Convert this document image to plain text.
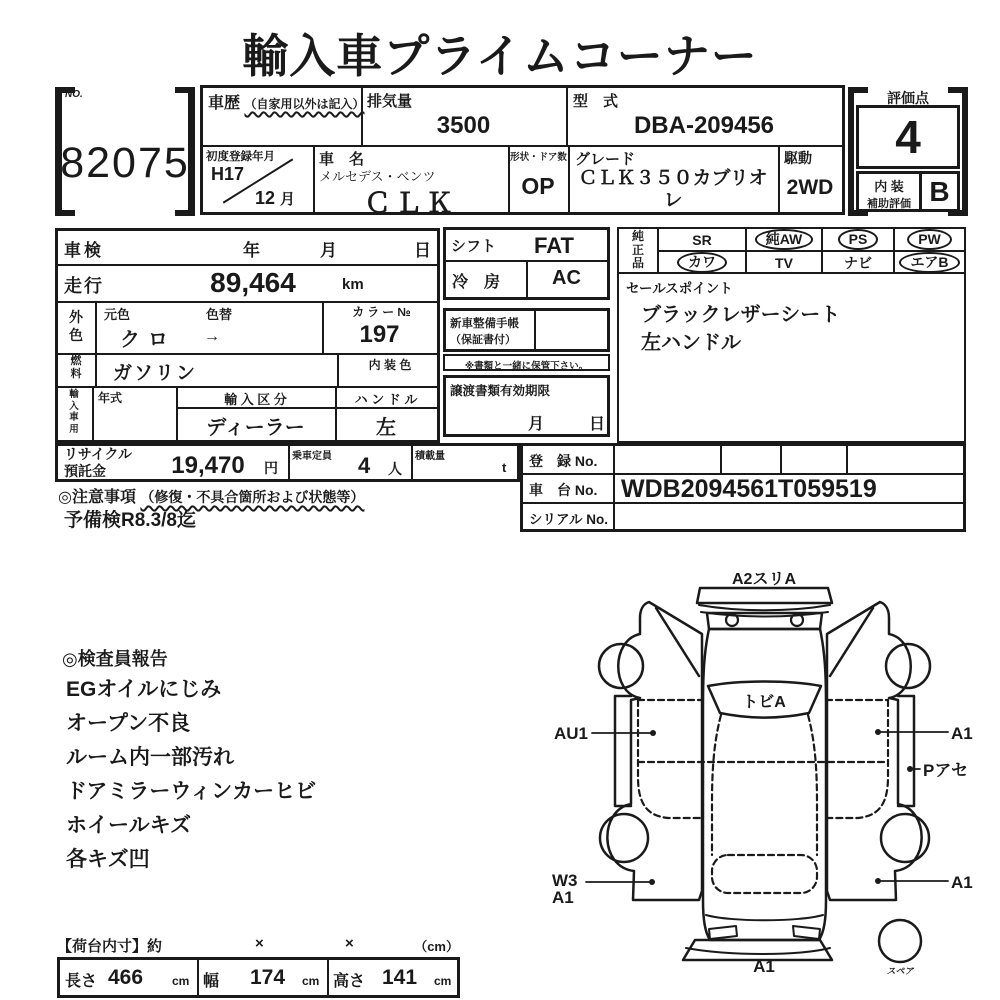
輸入車プライムコーナー
NO.
82075
車歴 （自家用以外は記入） 排気量
3500
型　式
DBA-209456
初度登録年月
H17
12 月
車　名
メルセデス・ベンツ
ＣＬＫ
形状・ドア数
OP
グレード
ＣＬＫ３５０カブリオレ
駆動
2WD
評価点
4
内 装
補助評価 B
車検	年	月	日
走行	89,464	km
外色
元色	色替
クロ →
カラー№
197
燃料 ガソリン	内 装 色
輸入車用
年式	輸 入 区 分
ディーラー
ハ ン ド ル
左
リサイクル
預託金	19,470	円
乗車定員 4 人
積載量
t
◎注意事項 （修復・不具合箇所および状態等）
予備検R8.3/8迄
シフト FAT
冷　房	AC
新車整備手帳
（保証書付）
※書類と一緒に保管下さい。
譲渡書類有効期限
月	日
純正品
SR	純AW	PS	PW
カワ	TV	ナビ	エアB
セールスポイント
ブラックレザーシート
左ハンドル
登　録 No.
車　台 No. WDB2094561T059519
シリアル No.
◎検査員報告
EGオイルにじみ
オープン不良
ルーム内一部汚れ
ドアミラーウィンカーヒビ
ホイールキズ
各キズ凹
A2スリA
トビA
AU1	A1
Pアセ
W3
A1
A1
A1	スペア
【荷台内寸】約	×	×	（cm）
長さ 466 cm 幅 174 cm 高さ 141 cm
